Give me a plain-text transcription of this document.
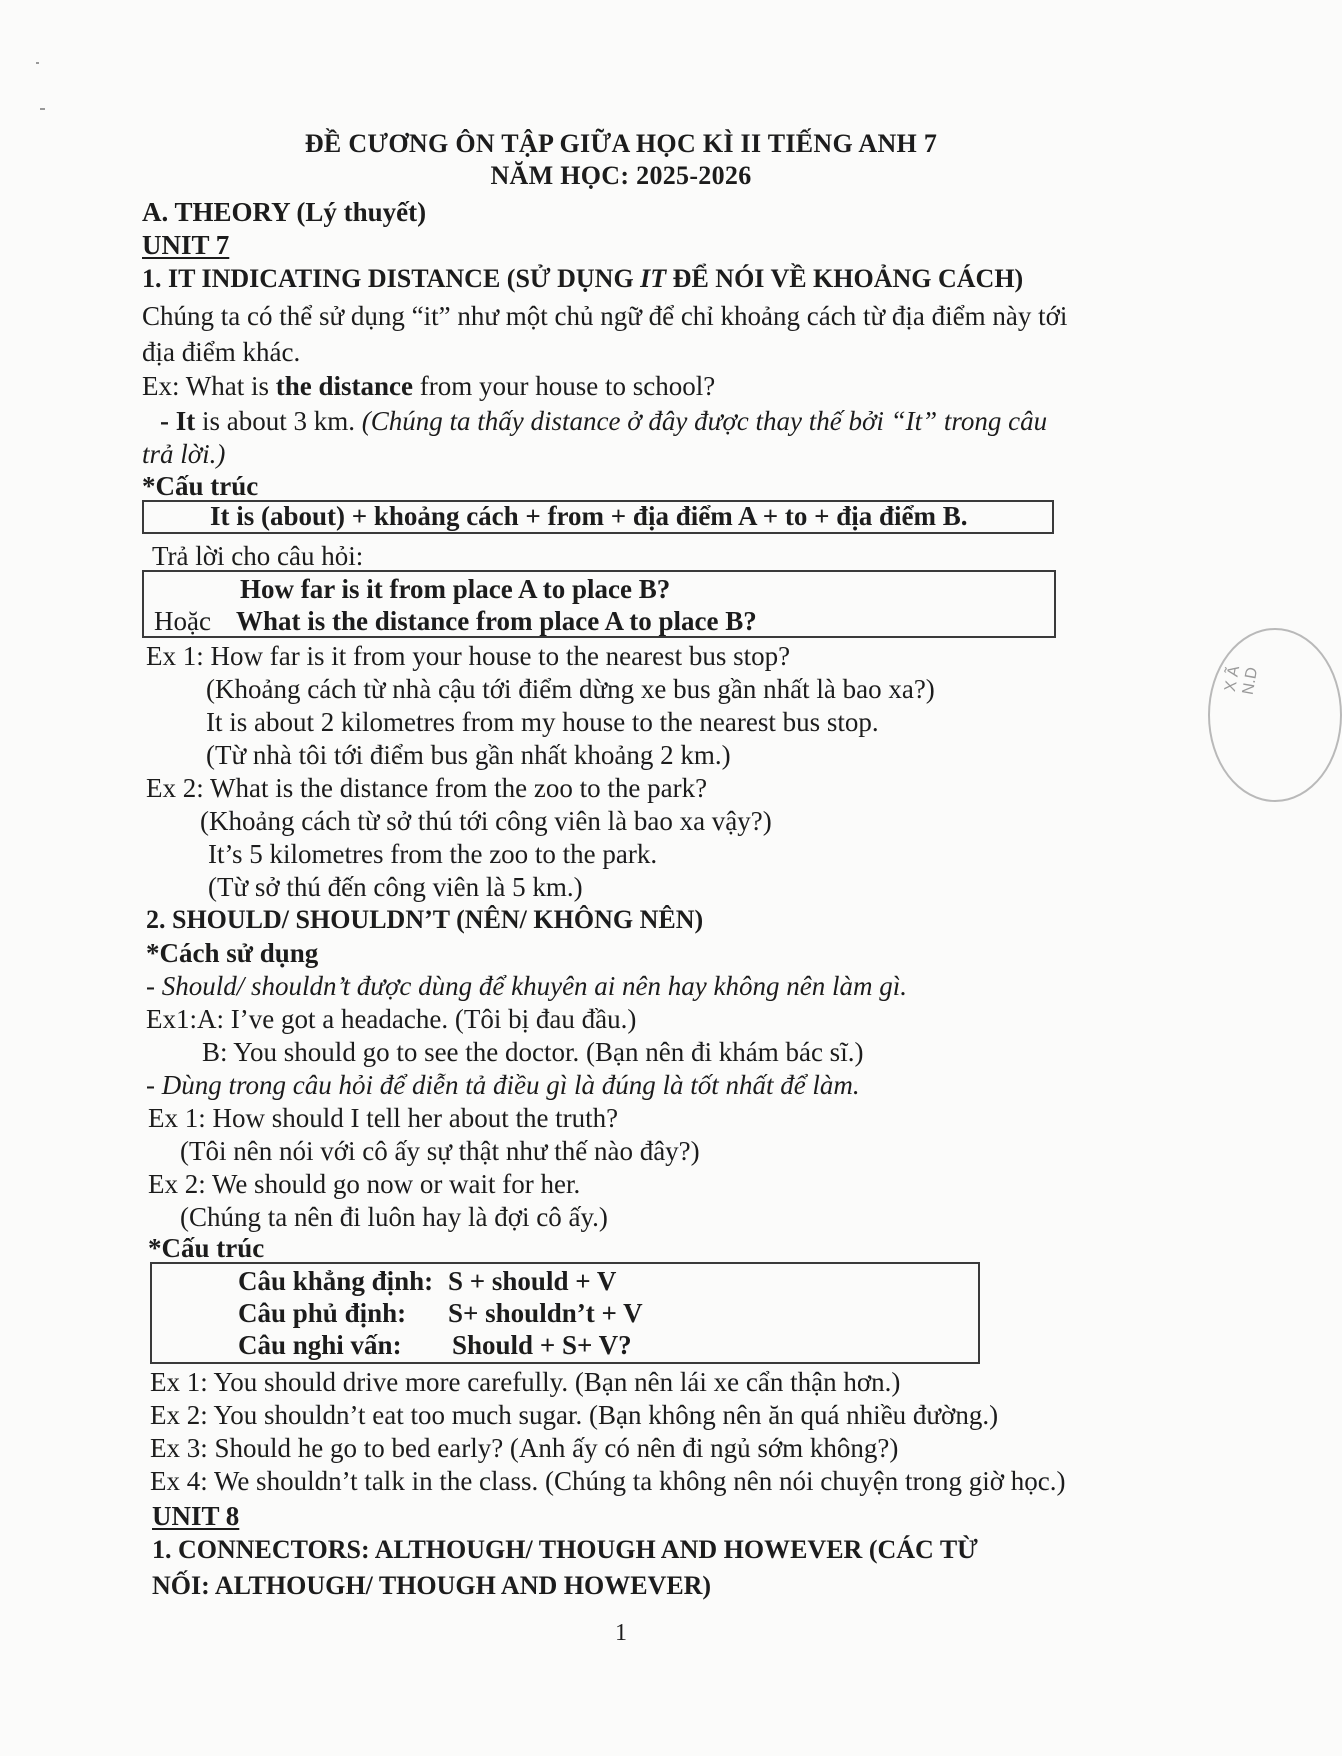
ĐỀ CƯƠNG ÔN TẬP GIỮA HỌC KÌ II TIẾNG ANH 7
NĂM HỌC: 2025-2026
A. THEORY (Lý thuyết)
UNIT 7
1. IT INDICATING DISTANCE (SỬ DỤNG IT ĐỂ NÓI VỀ KHOẢNG CÁCH)
Chúng ta có thể sử dụng “it” như một chủ ngữ để chỉ khoảng cách từ địa điểm này tới
địa điểm khác.
Ex: What is the distance from your house to school?
- It is about 3 km. (Chúng ta thấy distance ở đây được thay thế bởi “It” trong câu
trả lời.)
*Cấu trúc
It is (about) + khoảng cách + from + địa điểm A + to + địa điểm B.
Trả lời cho câu hỏi:
How far is it from place A to place B?
Hoặc What is the distance from place A to place B?
Ex 1: How far is it from your house to the nearest bus stop?
(Khoảng cách từ nhà cậu tới điểm dừng xe bus gần nhất là bao xa?)
It is about 2 kilometres from my house to the nearest bus stop.
(Từ nhà tôi tới điểm bus gần nhất khoảng 2 km.)
Ex 2: What is the distance from the zoo to the park?
(Khoảng cách từ sở thú tới công viên là bao xa vậy?)
It’s 5 kilometres from the zoo to the park.
(Từ sở thú đến công viên là 5 km.)
2. SHOULD/ SHOULDN’T (NÊN/ KHÔNG NÊN)
*Cách sử dụng
- Should/ shouldn’t được dùng để khuyên ai nên hay không nên làm gì.
Ex1:A: I’ve got a headache. (Tôi bị đau đầu.)
B: You should go to see the doctor. (Bạn nên đi khám bác sĩ.)
- Dùng trong câu hỏi để diễn tả điều gì là đúng là tốt nhất để làm.
Ex 1: How should I tell her about the truth?
(Tôi nên nói với cô ấy sự thật như thế nào đây?)
Ex 2: We should go now or wait for her.
(Chúng ta nên đi luôn hay là đợi cô ấy.)
*Cấu trúc
Câu khẳng định: S + should + V
Câu phủ định: S+ shouldn’t + V
Câu nghi vấn: Should + S+ V?
Ex 1: You should drive more carefully. (Bạn nên lái xe cẩn thận hơn.)
Ex 2: You shouldn’t eat too much sugar. (Bạn không nên ăn quá nhiều đường.)
Ex 3: Should he go to bed early? (Anh ấy có nên đi ngủ sớm không?)
Ex 4: We shouldn’t talk in the class. (Chúng ta không nên nói chuyện trong giờ học.)
UNIT 8
1. CONNECTORS: ALTHOUGH/ THOUGH AND HOWEVER (CÁC TỪ
NỐI: ALTHOUGH/ THOUGH AND HOWEVER)
1
X Ã N.D
